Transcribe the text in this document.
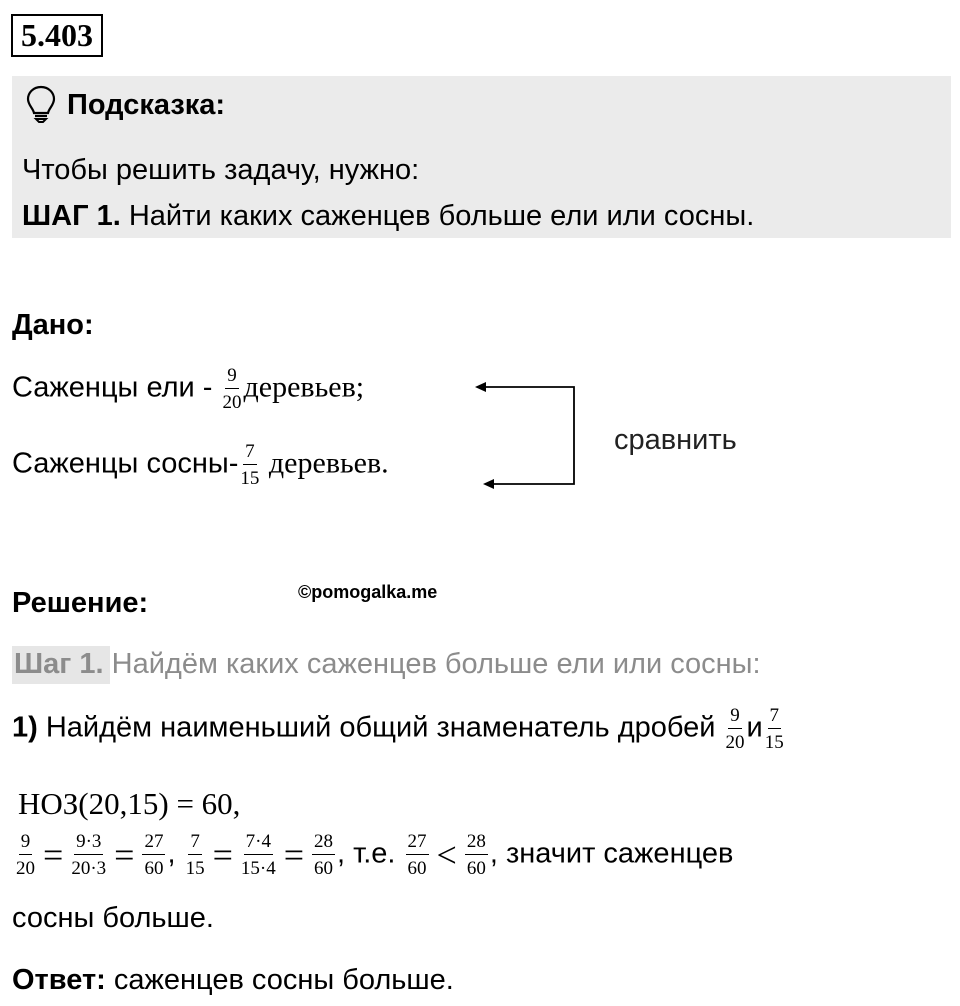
5.403
Подсказка:
Чтобы решить задачу, нужно:
ШАГ 1. Найти каких саженцев больше ели или сосны.
Дано:
Саженцы ели - $\frac{9}{20}$ деревьев;
Саженцы сосны- $\frac{7}{15}$ деревьев.
сравнить
Решение:	©pomogalka.me
Шаг 1. Найдём каких саженцев больше ели или сосны:
1) Найдём наименьший общий знаменатель дробей $\frac{9}{20}$ и $\frac{7}{15}$
НОЗ(20,15) = 60,
$\frac{9}{20} = \frac{9\cdot 3}{20\cdot 3} = \frac{27}{60}$ , $\frac{7}{15} = \frac{7\cdot 4}{15\cdot 4} = \frac{28}{60}$ , т.е. $\frac{27}{60} < \frac{28}{60}$ , значит саженцев
сосны больше.
Ответ: саженцев сосны больше.
